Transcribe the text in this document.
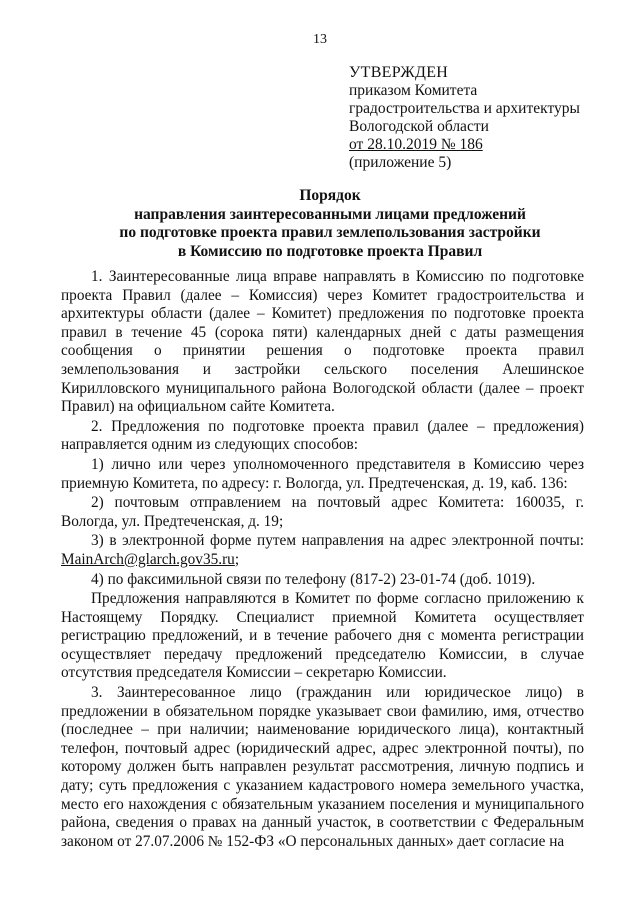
13
УТВЕРЖДЕН
приказом Комитета
градостроительства и архитектуры
Вологодской области
от 28.10.2019 № 186
(приложение 5)
Порядок
направления заинтересованными лицами предложений
по подготовке проекта правил землепользования застройки
в Комиссию по подготовке проекта Правил

1. Заинтересованные лица вправе направлять в Комиссию по подготовке проекта Правил (далее – Комиссия) через Комитет градостроительства и архитектуры области (далее – Комитет) предложения по подготовке проекта правил в течение 45 (сорока пяти) календарных дней с даты размещения сообщения о принятии решения о подготовке проекта правил землепользования и застройки сельского поселения Алешинское Кирилловского муниципального района Вологодской области (далее – проект Правил) на официальном сайте Комитета.

2. Предложения по подготовке проекта правил (далее – предложения) направляется одним из следующих способов:

1) лично или через уполномоченного представителя в Комиссию через приемную Комитета, по адресу: г. Вологда, ул. Предтеченская, д. 19, каб. 136:

2) почтовым отправлением на почтовый адрес Комитета: 160035, г. Вологда, ул. Предтеченская, д. 19;

3) в электронной форме путем направления на адрес электронной почты: MainArch@glarch.gov35.ru;

4) по факсимильной связи по телефону (817-2) 23-01-74 (доб. 1019).

Предложения направляются в Комитет по форме согласно приложению к Настоящему Порядку. Специалист приемной Комитета осуществляет регистрацию предложений, и в течение рабочего дня с момента регистрации осуществляет передачу предложений председателю Комиссии, в случае отсутствия председателя Комиссии – секретарю Комиссии.

3. Заинтересованное лицо (гражданин или юридическое лицо) в предложении в обязательном порядке указывает свои фамилию, имя, отчество (последнее – при наличии; наименование юридического лица), контактный телефон, почтовый адрес (юридический адрес, адрес электронной почты), по которому должен быть направлен результат рассмотрения, личную подпись и дату; суть предложения с указанием кадастрового номера земельного участка, место его нахождения с обязательным указанием поселения и муниципального района, сведения о правах на данный участок, в соответствии с Федеральным законом от 27.07.2006 № 152-ФЗ «О персональных данных» дает согласие на
